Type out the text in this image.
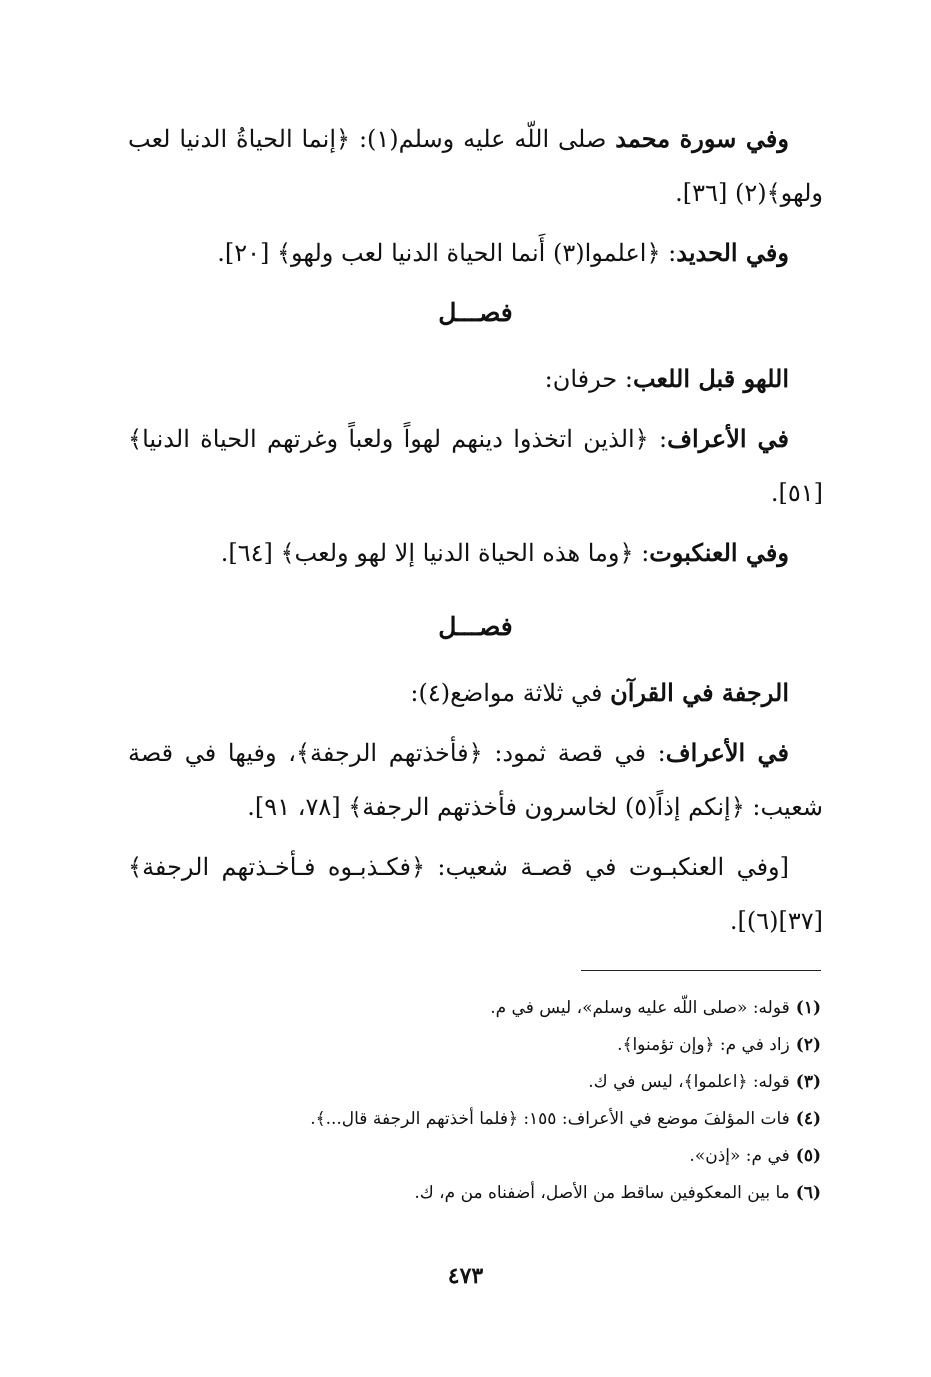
وفي سورة محمد صلى اللّه عليه وسلم(١): ﴿إنما الحياةُ الدنيا لعب ولهو﴾(٢) [٣٦].

وفي الحديد: ﴿اعلموا(٣) أَنما الحياة الدنيا لعب ولهو﴾ [٢٠].

فصـــل

اللهو قبل اللعب: حرفان:

في الأعراف: ﴿الذين اتخذوا دينهم لهواً ولعباً وغرتهم الحياة الدنيا﴾ [٥١].

وفي العنكبوت: ﴿وما هذه الحياة الدنيا إلا لهو ولعب﴾ [٦٤].

فصـــل

الرجفة في القرآن في ثلاثة مواضع(٤):

في الأعراف: في قصة ثمود: ﴿فأخذتهم الرجفة﴾، وفيها في قصة شعيب: ﴿إنكم إذاً(٥) لخاسرون فأخذتهم الرجفة﴾ [٧٨، ٩١].

[وفي العنكبـوت في قصـة شعيب: ﴿فكـذبـوه فـأخـذتهم الرجفة﴾ [٣٧](٦)].

(١)قوله: «صلى اللّه عليه وسلم»، ليس في م.

(٢)زاد في م: ﴿وإن تؤمنوا﴾.

(٣)قوله: ﴿اعلموا﴾، ليس في ك.

(٤)فات المؤلفَ موضع في الأعراف: ١٥٥: ﴿فلما أخذتهم الرجفة قال...﴾.

(٥)في م: «إذن».

(٦)ما بين المعكوفين ساقط من الأصل، أضفناه من م، ك.

٤٧٣
